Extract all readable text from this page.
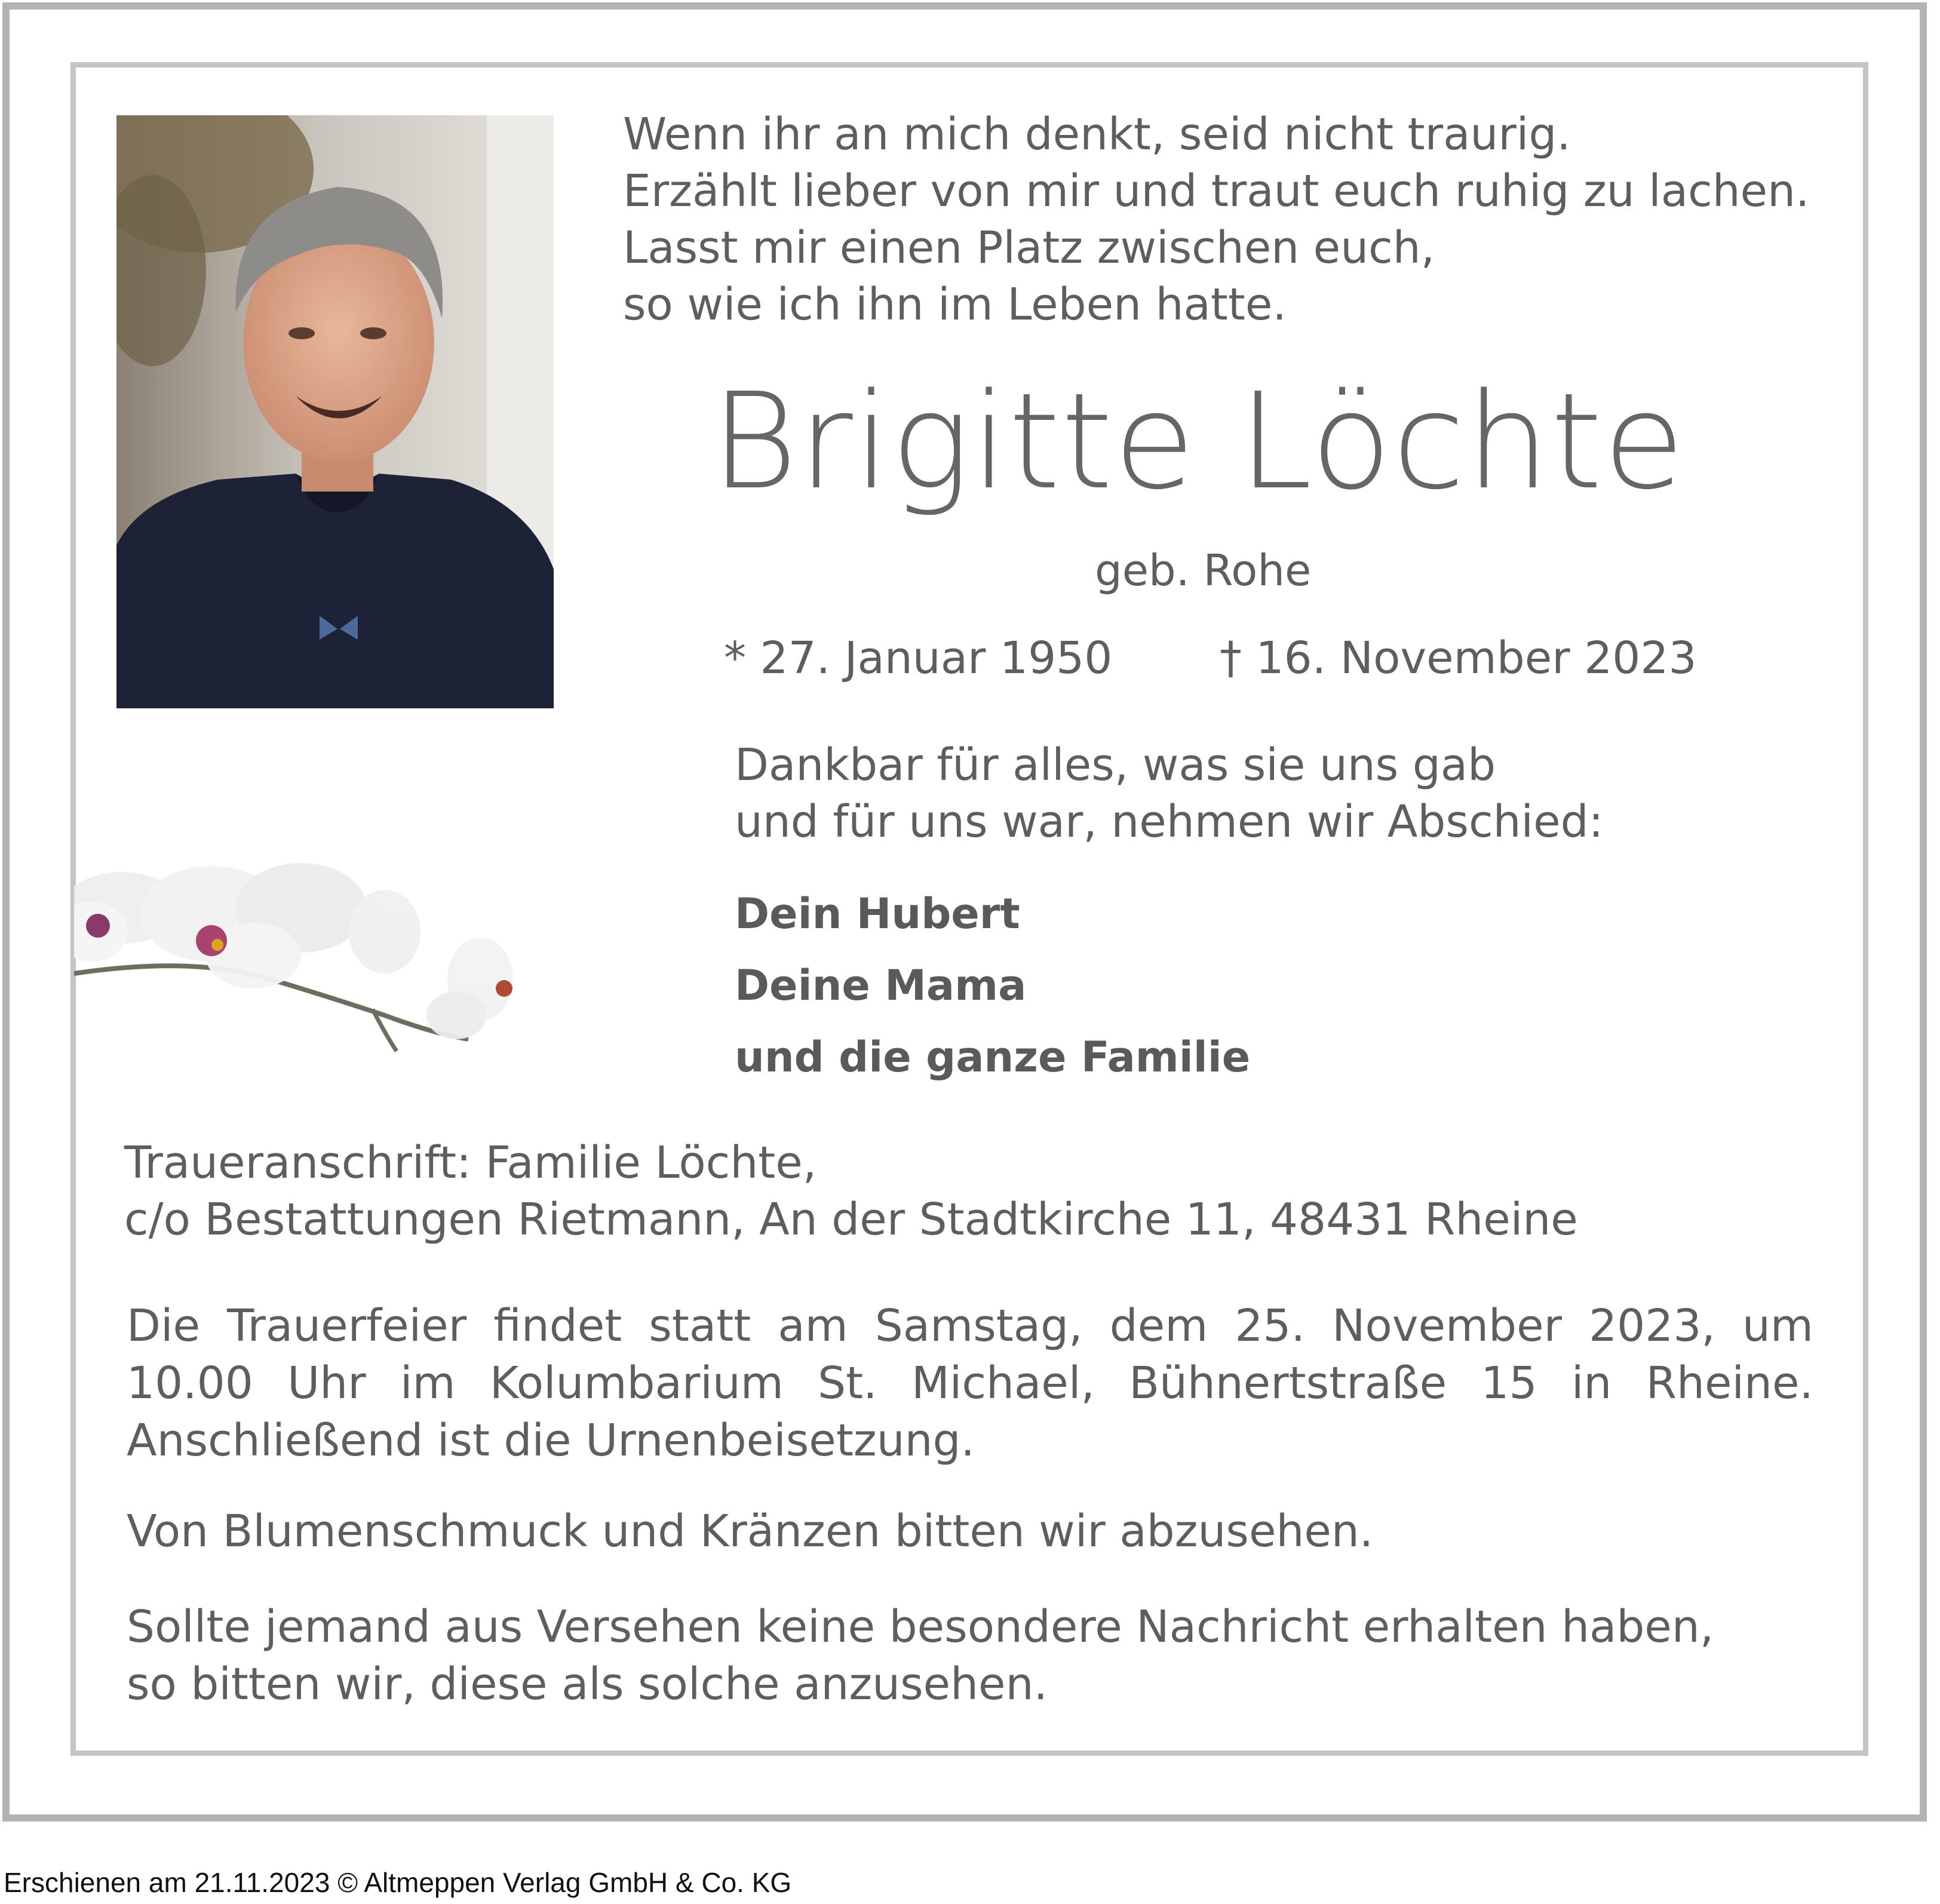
Wenn ihr an mich denkt, seid nicht traurig.
Erzählt lieber von mir und traut euch ruhig zu lachen.
Lasst mir einen Platz zwischen euch,
so wie ich ihn im Leben hatte.
Brigitte Löchte
geb. Rohe
* 27. Januar 1950 † 16. November 2023
Dankbar für alles, was sie uns gab
und für uns war, nehmen wir Abschied:
Dein Hubert
Deine Mama
und die ganze Familie
Traueranschrift: Familie Löchte,
c/o Bestattungen Rietmann, An der Stadtkirche 11, 48431 Rheine
Die Trauerfeier findet statt am Samstag, dem 25. November 2023, um 10.00 Uhr im Kolumbarium St. Michael, Bühnertstraße 15 in Rheine. Anschließend ist die Urnenbeisetzung.
Von Blumenschmuck und Kränzen bitten wir abzusehen.
Sollte jemand aus Versehen keine besondere Nachricht erhalten haben,
so bitten wir, diese als solche anzusehen.
Erschienen am 21.11.2023 © Altmeppen Verlag GmbH & Co. KG
